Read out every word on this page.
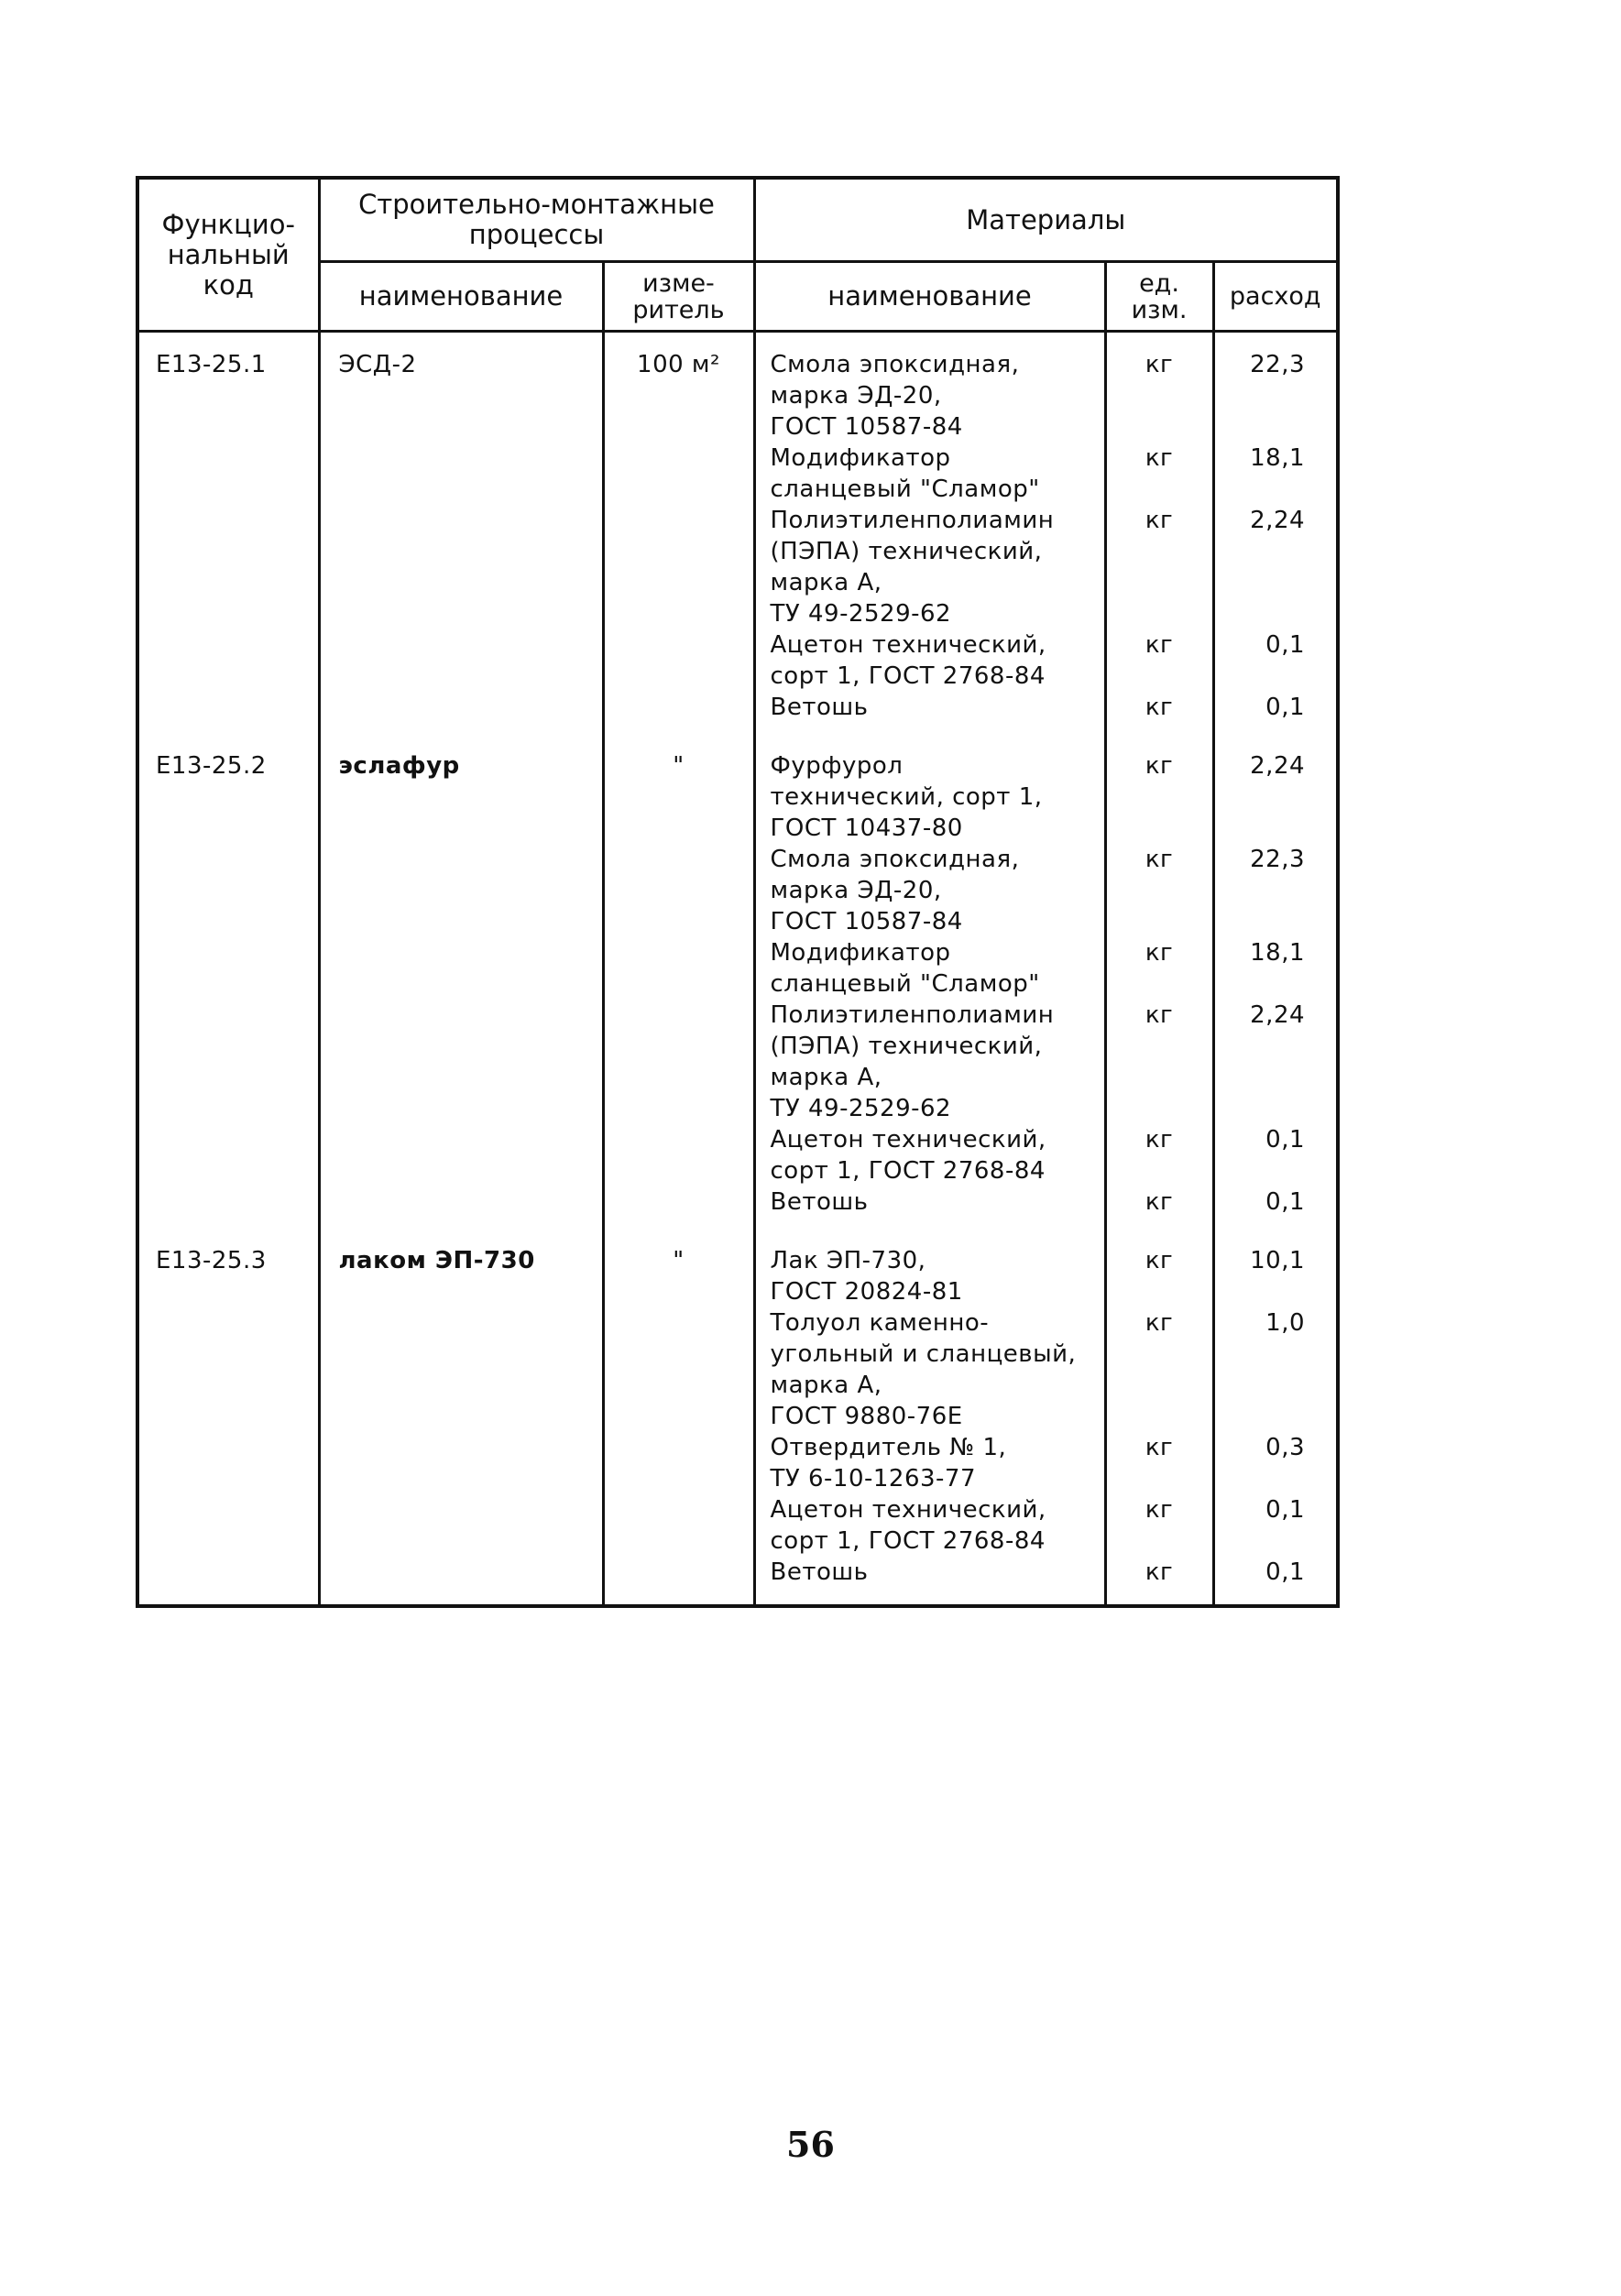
Функцио-
нальный
код	Строительно-монтажные
процессы		Материалы		
	наименование	изме-
ритель	наименование	ед.
изм.	расход

Е13-25.1	ЭСД-2	100 м²	Смола эпоксидная,
марка ЭД-20,
ГОСТ 10587-84	кг	22,3
			Модификатор
сланцевый "Сламор"	кг	18,1
			Полиэтиленполиамин
(ПЭПА) технический,
марка А,
ТУ 49-2529-62	кг	2,24
			Ацетон технический,
сорт 1, ГОСТ 2768-84	кг	0,1
			Ветошь	кг	0,1

Е13-25.2	эслафур	"	Фурфурол
технический, сорт 1,
ГОСТ 10437-80	кг	2,24
			Смола эпоксидная,
марка ЭД-20,
ГОСТ 10587-84	кг	22,3
			Модификатор
сланцевый "Сламор"	кг	18,1
			Полиэтиленполиамин
(ПЭПА) технический,
марка А,
ТУ 49-2529-62	кг	2,24
			Ацетон технический,
сорт 1, ГОСТ 2768-84	кг	0,1
			Ветошь	кг	0,1

Е13-25.3	лаком ЭП-730	"	Лак ЭП-730,
ГОСТ 20824-81	кг	10,1
			Толуол каменно-
угольный и сланцевый,
марка А,
ГОСТ 9880-76Е	кг	1,0
			Отвердитель № 1,
ТУ 6-10-1263-77	кг	0,3
			Ацетон технический,
сорт 1, ГОСТ 2768-84	кг	0,1
			Ветошь	кг	0,1

56
